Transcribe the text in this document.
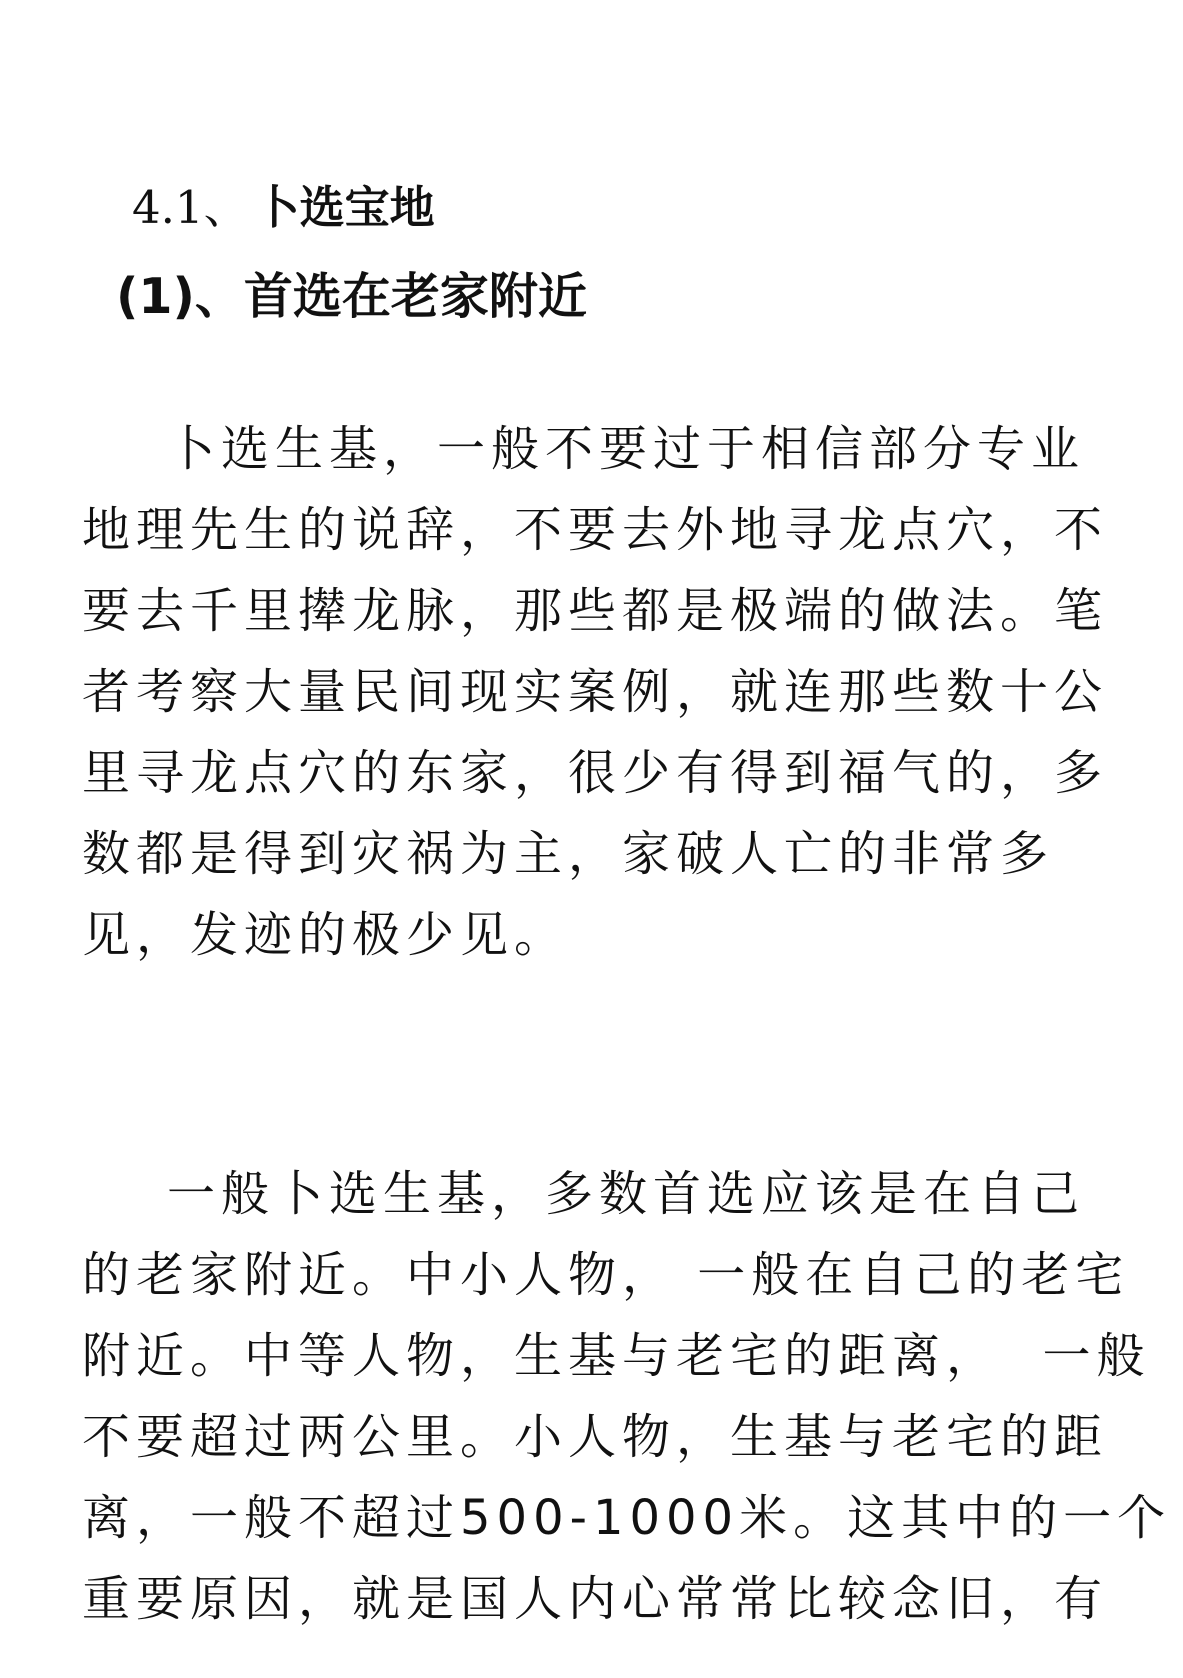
4.1、 卜选宝地
(1)、首选在老家附近

卜选生基，一般不要过于相信部分专业
地理先生的说辞，不要去外地寻龙点穴，不
要去千里撵龙脉，那些都是极端的做法。笔
者考察大量民间现实案例，就连那些数十公
里寻龙点穴的东家，很少有得到福气的，多
数都是得到灾祸为主，家破人亡的非常多
见，发迹的极少见。

一般卜选生基，多数首选应该是在自己
的老家附近。中小人物， 一般在自己的老宅
附近。中等人物，生基与老宅的距离，  一般
不要超过两公里。小人物，生基与老宅的距
离，一般不超过500-1000米。这其中的一个
重要原因，就是国人内心常常比较念旧，有
